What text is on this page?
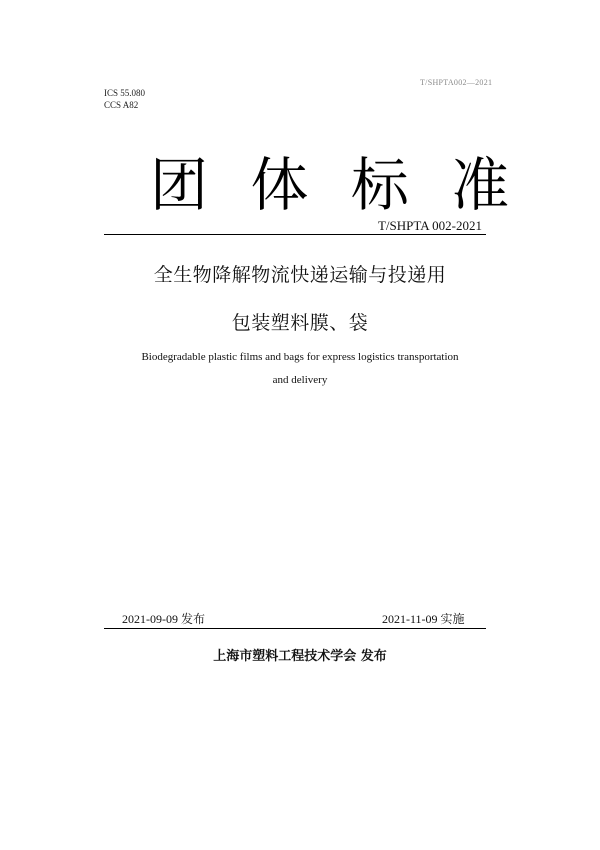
T/SHPTA002—2021
ICS 55.080
CCS A82
团 体 标 准
T/SHPTA 002-2021
全生物降解物流快递运输与投递用
包装塑料膜、袋
Biodegradable plastic films and bags for express logistics transportation
and delivery
2021-09-09 发布	2021-11-09 实施
上海市塑料工程技术学会 发布
